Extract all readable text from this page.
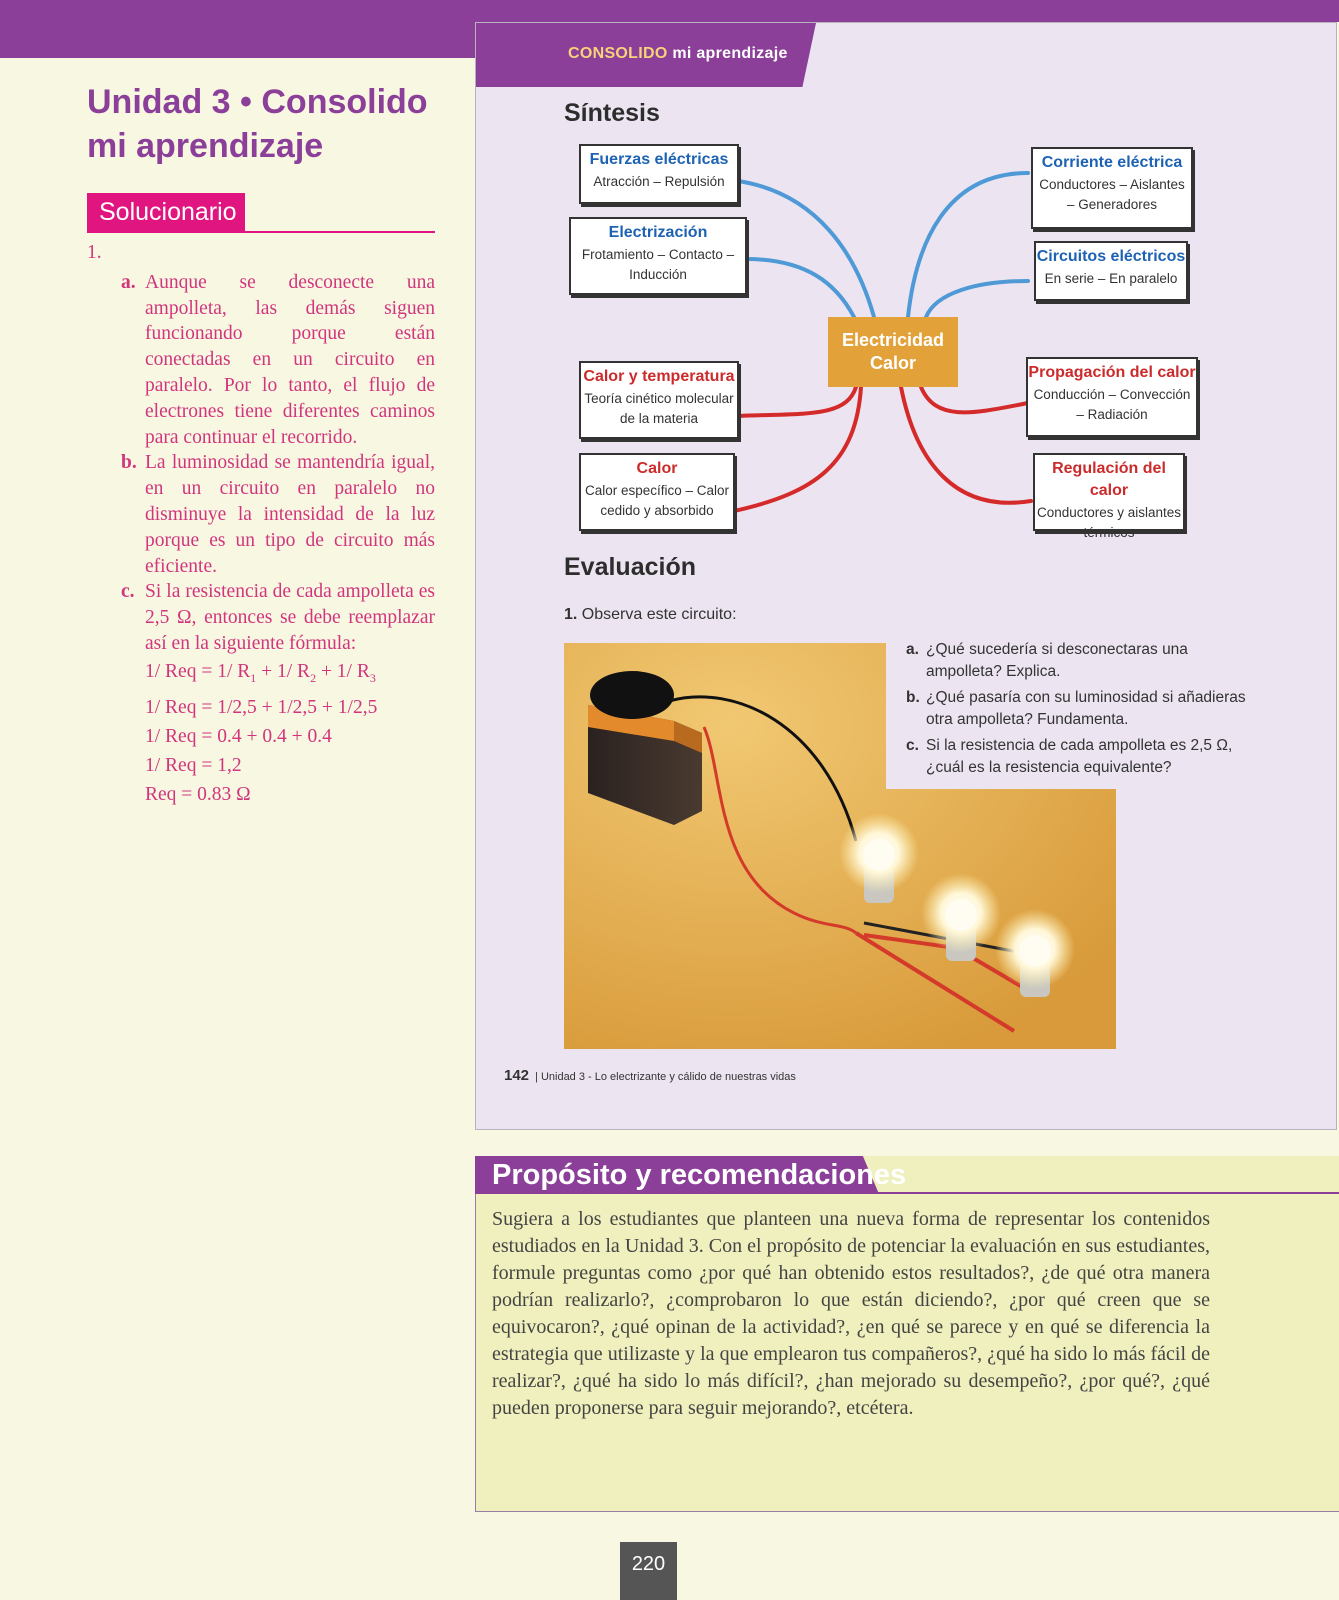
Unidad 3 • Consolido
mi aprendizaje
Solucionario
1.
a. Aunque se desconecte una ampolleta, las demás siguen funcionando porque están conectadas en un circuito en paralelo. Por lo tanto, el flujo de electrones tiene diferentes caminos para continuar el recorrido.
b. La luminosidad se mantendría igual, en un circuito en paralelo no disminuye la intensidad de la luz porque es un tipo de circuito más eficiente.
c. Si la resistencia de cada ampolleta es 2,5 Ω, entonces se debe reemplazar así en la siguiente fórmula:
1/ Req = 1/ $R_1 + 1/$ $R_2 + 1/$ $R_3$
1/ Req = 1/2,5 + 1/2,5 + 1/2,5
1/ Req = 0.4 + 0.4 + 0.4
1/ Req = 1,2
Req = 0.83 Ω
CONSOLIDO mi aprendizaje
Síntesis
Electricidad
Calor
Fuerzas eléctricas
Atracción – Repulsión
Electrización
Frotamiento – Contacto –
Inducción
Corriente eléctrica
Conductores – Aislantes
– Generadores
Circuitos eléctricos
En serie – En paralelo
Calor y temperatura
Teoría cinético molecular
de la materia
Calor
Calor específico – Calor
cedido y absorbido
Propagación del calor
Conducción – Convección
– Radiación
Regulación del calor
Conductores y aislantes
térmicos
Evaluación
1. Observa este circuito:
a. ¿Qué sucedería si desconectaras una ampolleta? Explica.
b. ¿Qué pasaría con su luminosidad si añadieras otra ampolleta? Fundamenta.
c. Si la resistencia de cada ampolleta es 2,5 Ω, ¿cuál es la resistencia equivalente?
142 | Unidad 3 - Lo electrizante y cálido de nuestras vidas
Propósito y recomendaciones
Sugiera a los estudiantes que planteen una nueva forma de representar los contenidos estudiados en la Unidad 3. Con el propósito de potenciar la evaluación en sus estudiantes, formule preguntas como ¿por qué han obtenido estos resultados?, ¿de qué otra manera podrían realizarlo?, ¿comprobaron lo que están diciendo?, ¿por qué creen que se equivocaron?, ¿qué opinan de la actividad?, ¿en qué se parece y en qué se diferencia la estrategia que utilizaste y la que emplearon tus compañeros?, ¿qué ha sido lo más fácil de realizar?, ¿qué ha sido lo más difícil?, ¿han mejorado su desempeño?, ¿por qué?, ¿qué pueden proponerse para seguir mejorando?, etcétera.
220
